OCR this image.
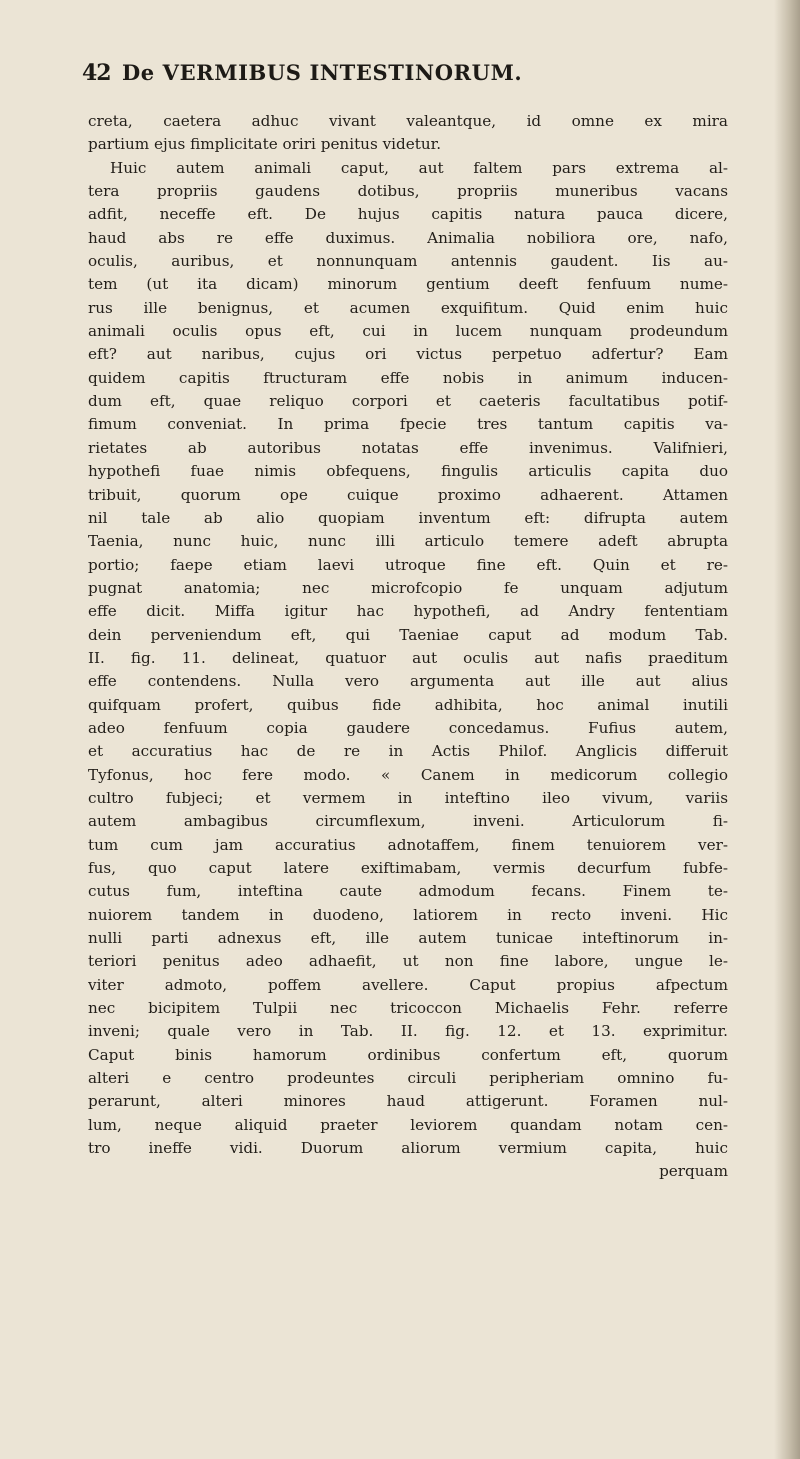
42 De VERMIBUS INTESTINORUM.
creta, caetera adhuc vivant valeantque, id omne ex mira
partium ejus fimplicitate oriri penitus videtur.
Huic autem animali caput, aut faltem pars extrema al-
tera propriis gaudens dotibus, propriis muneribus vacans
adfit, neceffe eft. De hujus capitis natura pauca dicere,
haud abs re effe duximus. Animalia nobiliora ore, nafo,
oculis, auribus, et nonnunquam antennis gaudent. Iis au-
tem (ut ita dicam) minorum gentium deeft fenfuum nume-
rus ille benignus, et acumen exquifitum. Quid enim huic
animali oculis opus eft, cui in lucem nunquam prodeundum
eft? aut naribus, cujus ori victus perpetuo adfertur? Eam
quidem capitis ftructuram effe nobis in animum inducen-
dum eft, quae reliquo corpori et caeteris facultatibus potif-
fimum conveniat. In prima fpecie tres tantum capitis va-
rietates ab autoribus notatas effe invenimus. Valifnieri,
hypothefi fuae nimis obfequens, fingulis articulis capita duo
tribuit, quorum ope cuique proximo adhaerent. Attamen
nil tale ab alio quopiam inventum eft: difrupta autem
Taenia, nunc huic, nunc illi articulo temere adeft abrupta
portio; faepe etiam laevi utroque fine eft. Quin et re-
pugnat anatomia; nec microfcopio fe unquam adjutum
effe dicit. Miffa igitur hac hypothefi, ad Andry fententiam
dein perveniendum eft, qui Taeniae caput ad modum Tab.
II. fig. 11. delineat, quatuor aut oculis aut nafis praeditum
effe contendens. Nulla vero argumenta aut ille aut alius
quifquam profert, quibus fide adhibita, hoc animal inutili
adeo fenfuum copia gaudere concedamus. Fufius autem,
et accuratius hac de re in Actis Philof. Anglicis differuit
Tyfonus, hoc fere modo. « Canem in medicorum collegio
cultro fubjeci; et vermem in inteftino ileo vivum, variis
autem ambagibus circumflexum, inveni. Articulorum fi-
tum cum jam accuratius adnotaffem, finem tenuiorem ver-
fus, quo caput latere exiftimabam, vermis decurfum fubfe-
cutus fum, inteftina caute admodum fecans. Finem te-
nuiorem tandem in duodeno, latiorem in recto inveni. Hic
nulli parti adnexus eft, ille autem tunicae inteftinorum in-
teriori penitus adeo adhaefit, ut non fine labore, ungue le-
viter admoto, poffem avellere. Caput propius afpectum
nec bicipitem Tulpii nec tricoccon Michaelis Fehr. referre
inveni; quale vero in Tab. II. fig. 12. et 13. exprimitur.
Caput binis hamorum ordinibus confertum eft, quorum
alteri e centro prodeuntes circuli peripheriam omnino fu-
perarunt, alteri minores haud attigerunt. Foramen nul-
lum, neque aliquid praeter leviorem quandam notam cen-
tro ineffe vidi. Duorum aliorum vermium capita, huic
perquam
